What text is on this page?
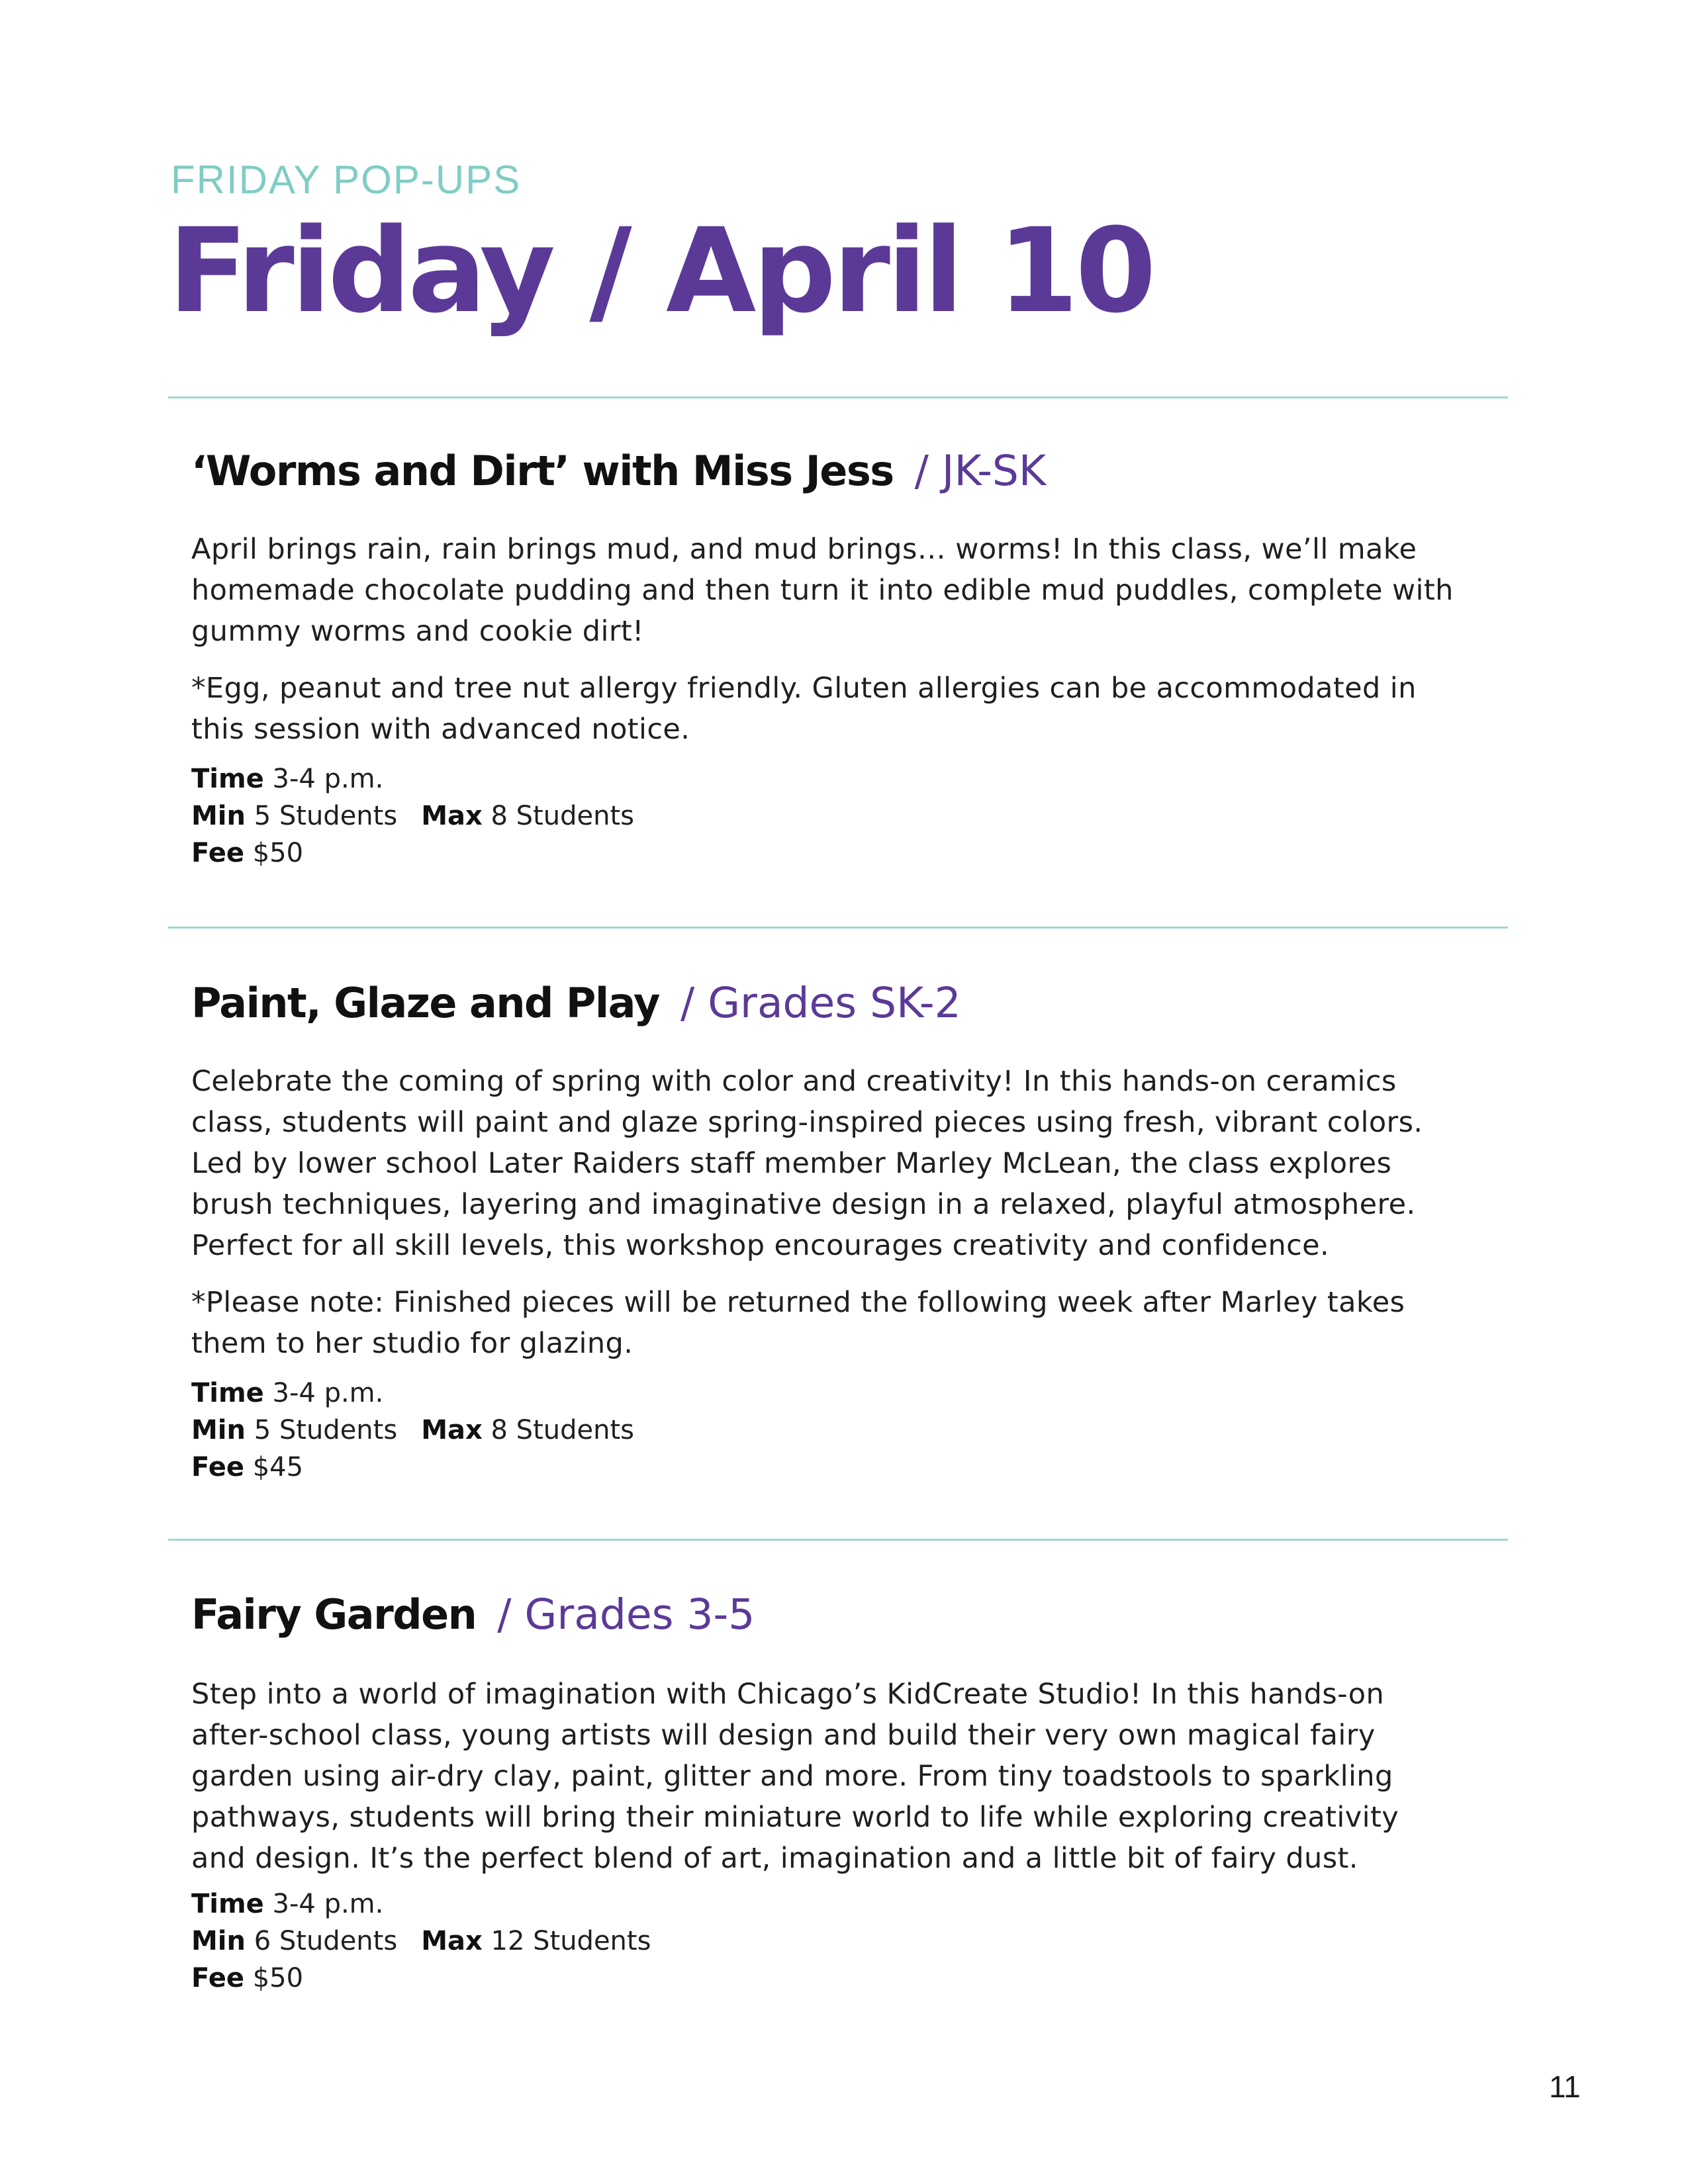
FRIDAY POP-UPS
Friday / April 10
‘Worms and Dirt’ with Miss Jess / JK-SK
April brings rain, rain brings mud, and mud brings… worms! In this class, we’ll make
homemade chocolate pudding and then turn it into edible mud puddles, complete with
gummy worms and cookie dirt!
*Egg, peanut and tree nut allergy friendly. Gluten allergies can be accommodated in
this session with advanced notice.
Time 3-4 p.m.
Min 5 Students Max 8 Students
Fee $50
Paint, Glaze and Play / Grades SK-2
Celebrate the coming of spring with color and creativity! In this hands-on ceramics
class, students will paint and glaze spring-inspired pieces using fresh, vibrant colors.
Led by lower school Later Raiders staff member Marley McLean, the class explores
brush techniques, layering and imaginative design in a relaxed, playful atmosphere.
Perfect for all skill levels, this workshop encourages creativity and confidence.
*Please note: Finished pieces will be returned the following week after Marley takes
them to her studio for glazing.
Time 3-4 p.m.
Min 5 Students Max 8 Students
Fee $45
Fairy Garden / Grades 3-5
Step into a world of imagination with Chicago’s KidCreate Studio! In this hands-on
after-school class, young artists will design and build their very own magical fairy
garden using air-dry clay, paint, glitter and more. From tiny toadstools to sparkling
pathways, students will bring their miniature world to life while exploring creativity
and design. It’s the perfect blend of art, imagination and a little bit of fairy dust.
Time 3-4 p.m.
Min 6 Students Max 12 Students
Fee $50
11
